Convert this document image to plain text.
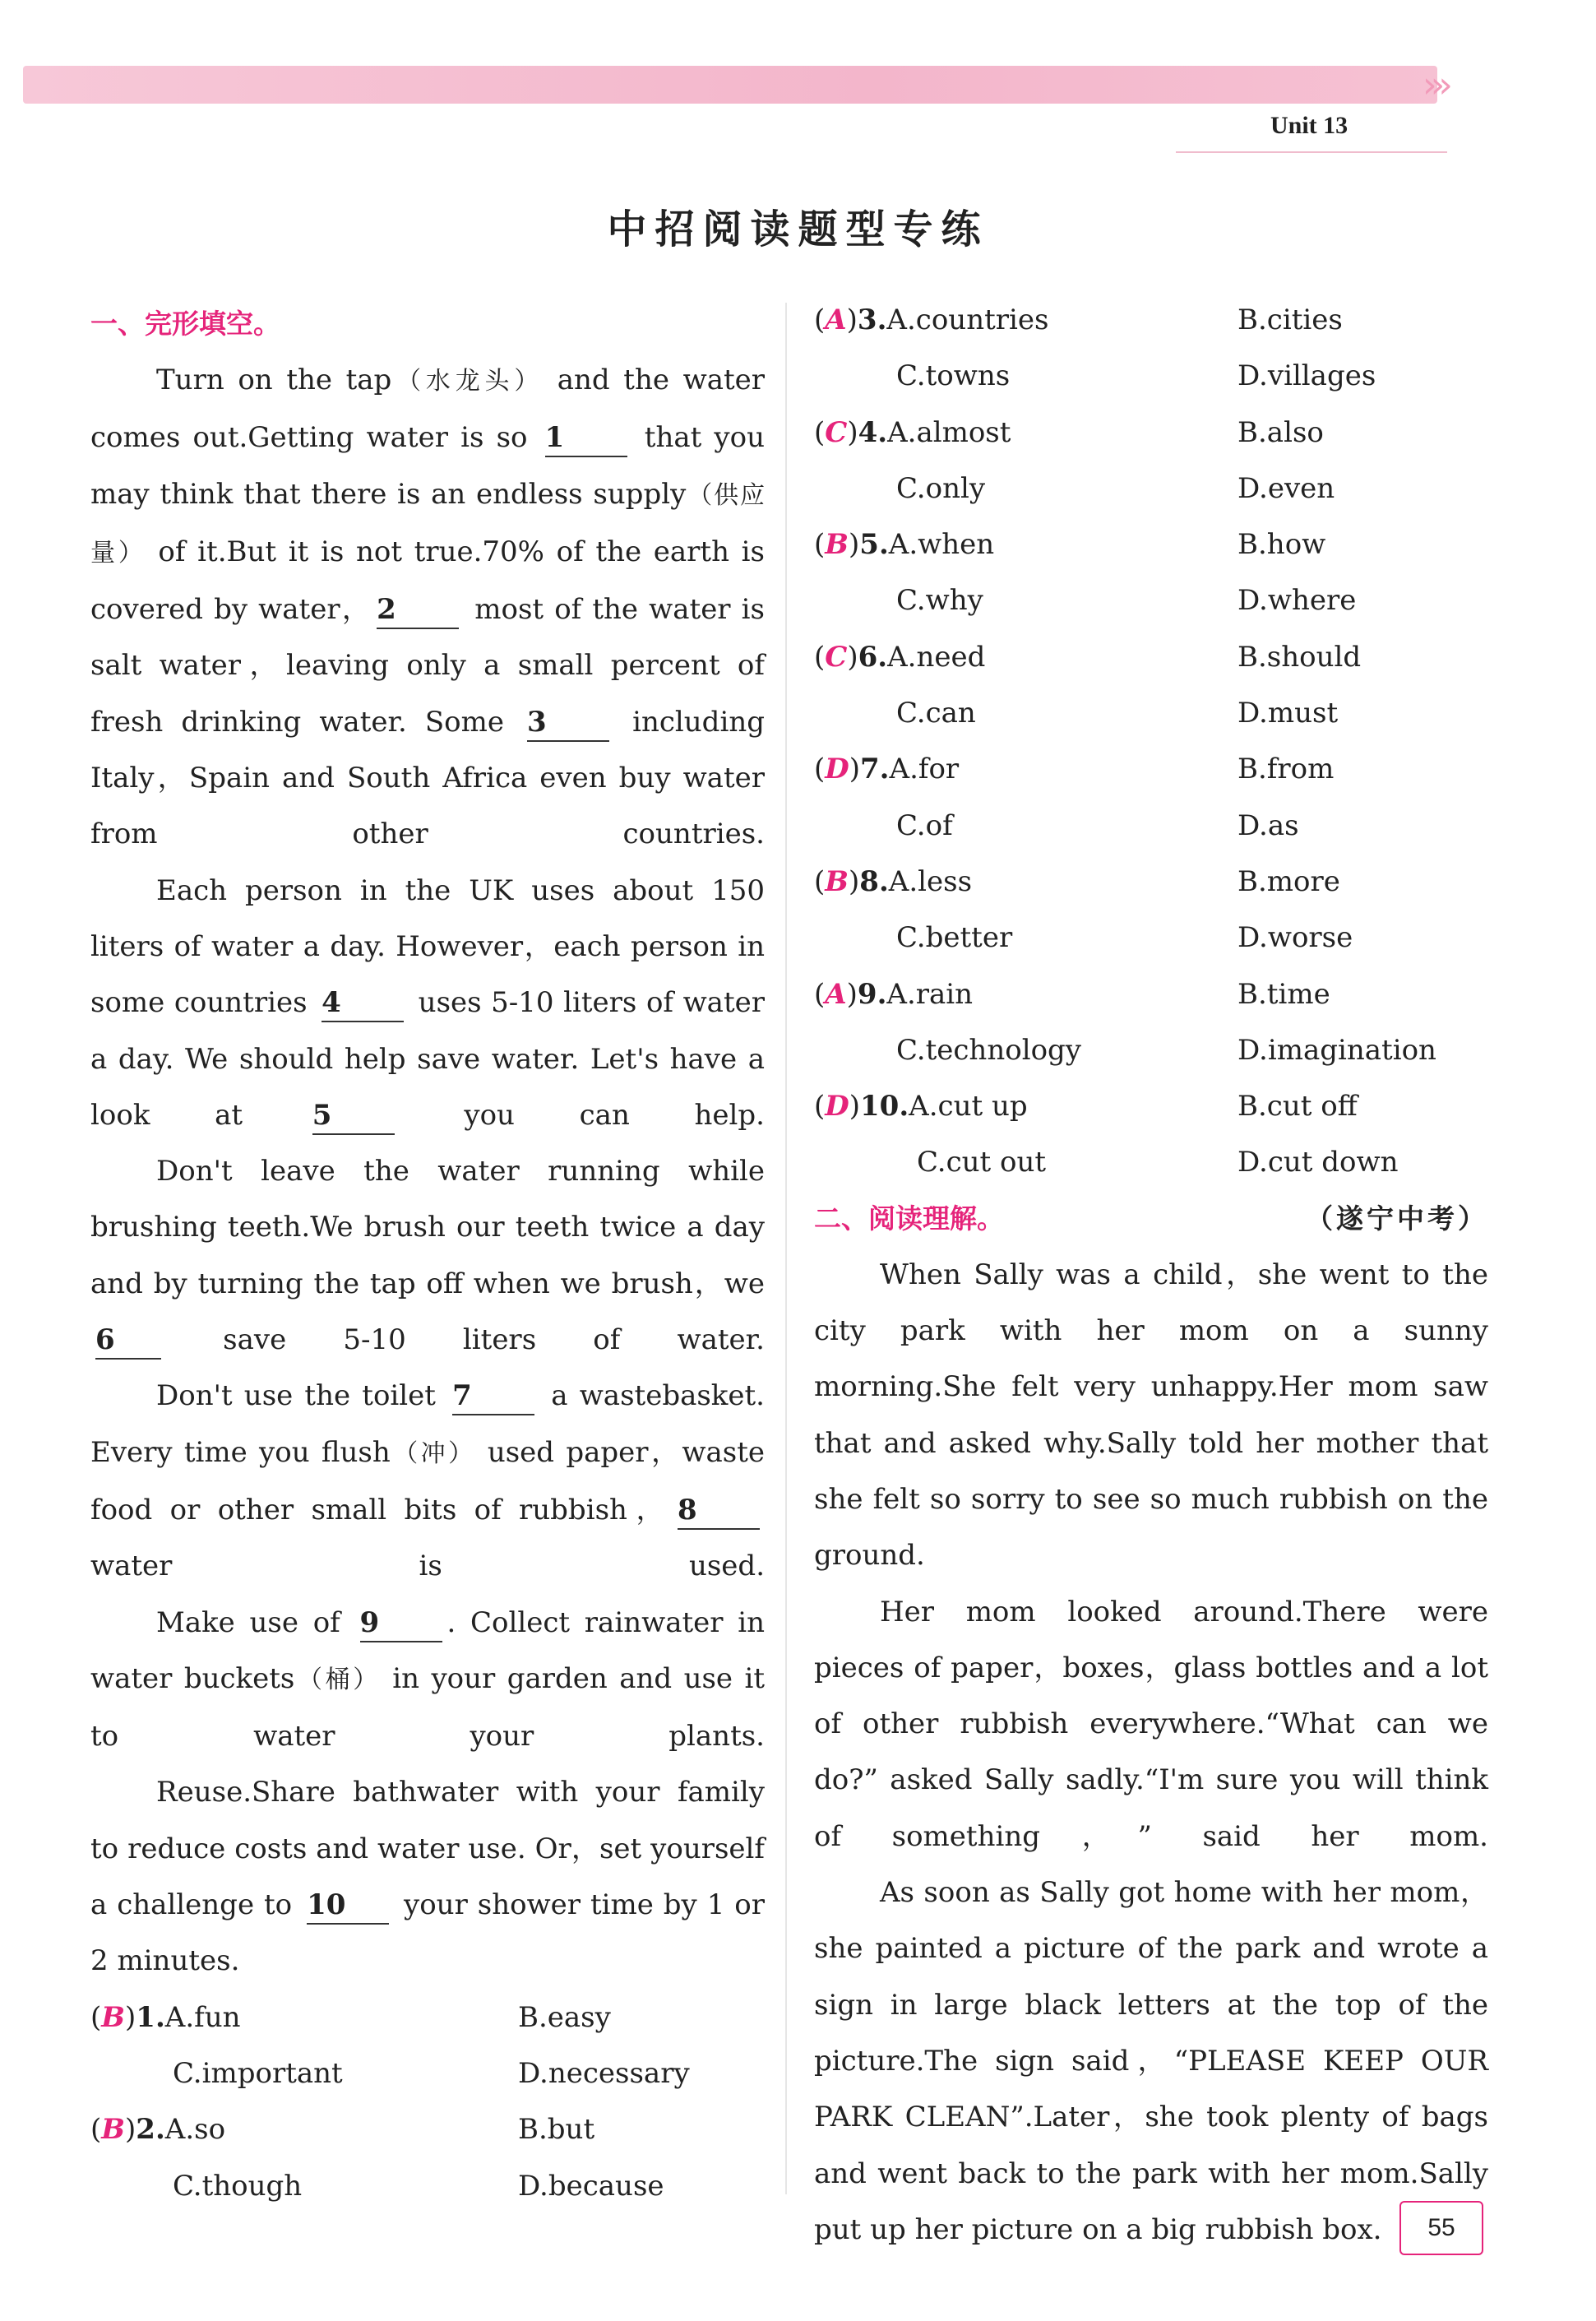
›››
Unit 13
中招阅读题型专练
一、完形填空。

Turn on the tap（水龙头） and the water comes out.Getting water is so 1 that you may think that there is an endless supply（供应量） of it.But it is not true.70% of the earth is covered by water， 2 most of the water is salt water，leaving only a small percent of fresh drinking water. Some 3 including Italy，Spain and South Africa even buy water from other countries.

Each person in the UK uses about 150 liters of water a day. However，each person in some countries 4 uses 5-10 liters of water a day. We should help save water. Let's have a look at 5 you can help.

Don't leave the water running while brushing teeth.We brush our teeth twice a day and by turning the tap off when we brush，we 6 save 5-10 liters of water.

Don't use the toilet 7 a wastebasket. Every time you flush（冲） used paper，waste food or other small bits of rubbish， 8 water is used.

Make use of 9 . Collect rainwater in water buckets（桶） in your garden and use it to water your plants.

Reuse.Share bathwater with your family to reduce costs and water use. Or，set yourself a challenge to 10 your shower time by 1 or 2 minutes.

(B)1.A.fun	B.easy
C.important	D.necessary
(B)2.A.so	B.but
C.though	D.because
(A)3.A.countries	B.cities
C.towns	D.villages
(C)4.A.almost	B.also
C.only	D.even
(B)5.A.when	B.how
C.why	D.where
(C)6.A.need	B.should
C.can	D.must
(D)7.A.for	B.from
C.of	D.as
(B)8.A.less	B.more
C.better	D.worse
(A)9.A.rain	B.time
C.technology	D.imagination
(D)10.A.cut up	B.cut off
C.cut out	D.cut down
二、阅读理解。	（遂宁中考）

When Sally was a child，she went to the city park with her mom on a sunny morning.She felt very unhappy.Her mom saw that and asked why.Sally told her mother that she felt so sorry to see so much rubbish on the ground.

Her mom looked around.There were pieces of paper，boxes，glass bottles and a lot of other rubbish everywhere.“What can we do?” asked Sally sadly.“I'm sure you will think of something，” said her mom.

As soon as Sally got home with her mom，she painted a picture of the park and wrote a sign in large black letters at the top of the picture.The sign said，“PLEASE KEEP OUR PARK CLEAN”.Later，she took plenty of bags and went back to the park with her mom.Sally put up her picture on a big rubbish box.	55
